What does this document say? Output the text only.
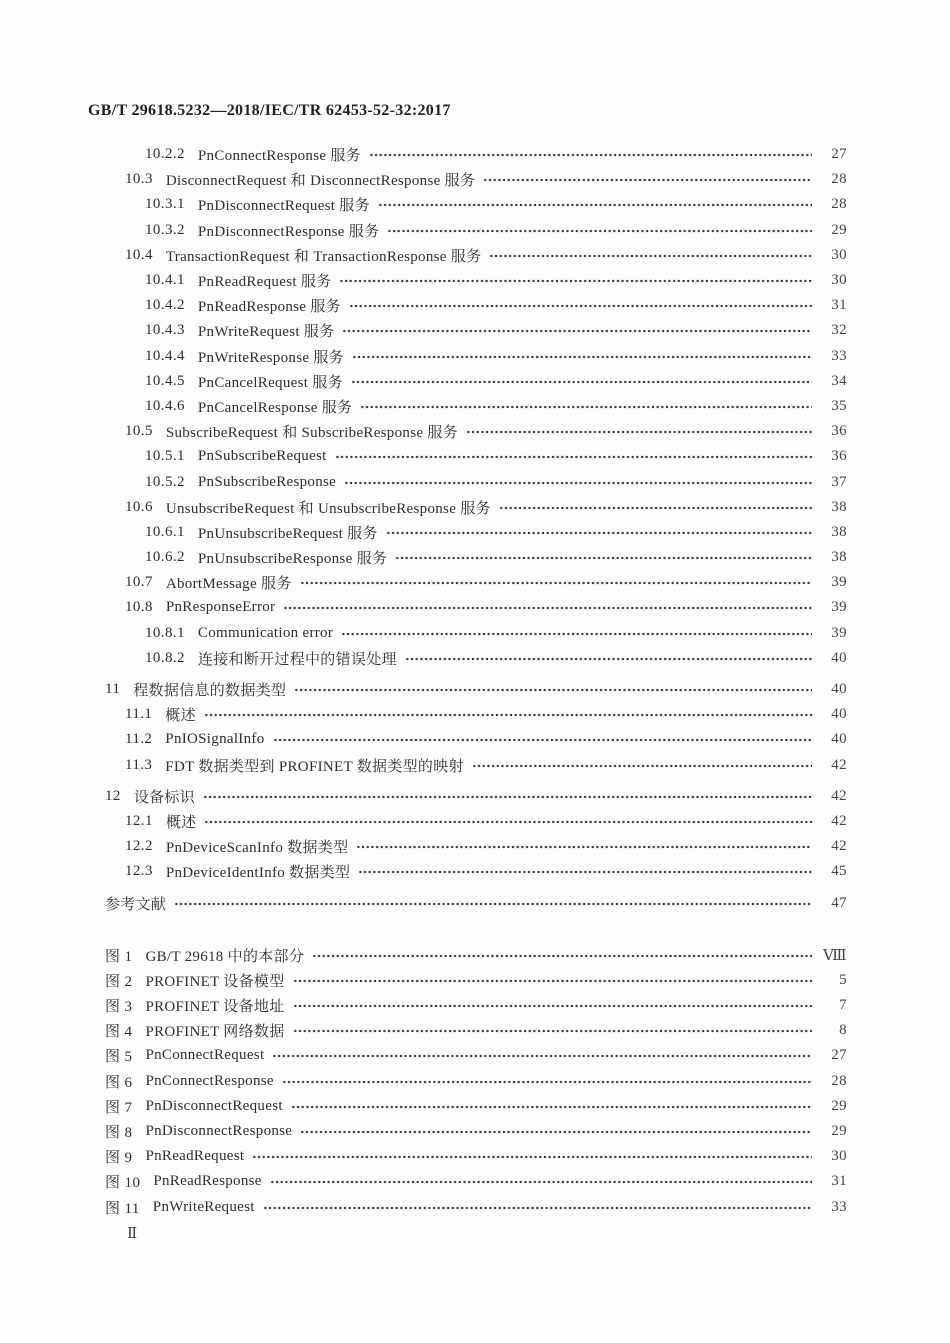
GB/T 29618.5232—2018/IEC/TR 62453-52-32:2017
10.2.2 PnConnectResponse 服务	27
10.3 DisconnectRequest 和 DisconnectResponse 服务	28
10.3.1 PnDisconnectRequest 服务	28
10.3.2 PnDisconnectResponse 服务	29
10.4 TransactionRequest 和 TransactionResponse 服务	30
10.4.1 PnReadRequest 服务	30
10.4.2 PnReadResponse 服务	31
10.4.3 PnWriteRequest 服务	32
10.4.4 PnWriteResponse 服务	33
10.4.5 PnCancelRequest 服务	34
10.4.6 PnCancelResponse 服务	35
10.5 SubscribeRequest 和 SubscribeResponse 服务	36
10.5.1 PnSubscribeRequest	36
10.5.2 PnSubscribeResponse	37
10.6 UnsubscribeRequest 和 UnsubscribeResponse 服务	38
10.6.1 PnUnsubscribeRequest 服务	38
10.6.2 PnUnsubscribeResponse 服务	38
10.7 AbortMessage 服务	39
10.8 PnResponseError	39
10.8.1 Communication error	39
10.8.2 连接和断开过程中的错误处理	40
11 程数据信息的数据类型	40
11.1 概述	40
11.2 PnIOSignalInfo	40
11.3 FDT 数据类型到 PROFINET 数据类型的映射	42
12 设备标识	42
12.1 概述	42
12.2 PnDeviceScanInfo 数据类型	42
12.3 PnDeviceIdentInfo 数据类型	45
参考文献	47
图 1 GB/T 29618 中的本部分	Ⅷ
图 2 PROFINET 设备模型	5
图 3 PROFINET 设备地址	7
图 4 PROFINET 网络数据	8
图 5 PnConnectRequest	27
图 6 PnConnectResponse	28
图 7 PnDisconnectRequest	29
图 8 PnDisconnectResponse	29
图 9 PnReadRequest	30
图 10 PnReadResponse	31
图 11 PnWriteRequest	33
Ⅱ
